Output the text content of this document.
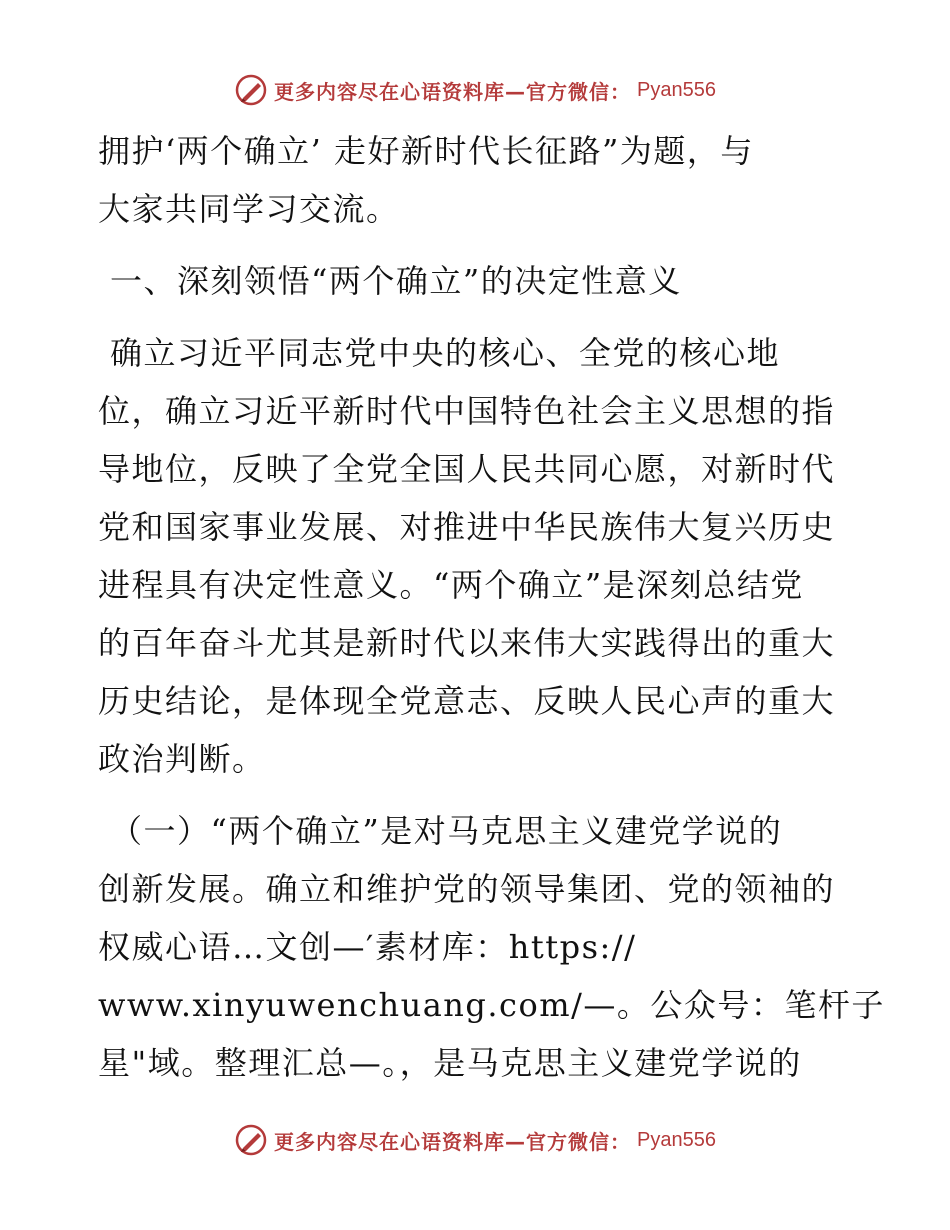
更多内容尽在心语资料库—官方微信： Pyan556
拥护‘两个确立’ 走好新时代长征路”为题，与
大家共同学习交流。
一、深刻领悟“两个确立”的决定性意义
确立习近平同志党中央的核心、全党的核心地
位，确立习近平新时代中国特色社会主义思想的指
导地位，反映了全党全国人民共同心愿，对新时代
党和国家事业发展、对推进中华民族伟大复兴历史
进程具有决定性意义。“两个确立”是深刻总结党
的百年奋斗尤其是新时代以来伟大实践得出的重大
历史结论，是体现全党意志、反映人民心声的重大
政治判断。
（一）“两个确立”是对马克思主义建党学说的
创新发展。确立和维护党的领导集团、党的领袖的
权威心语…文创—′素材库：https://
www.xinyuwenchuang.com/—。公众号：笔杆子
星"域。整理汇总—。，是马克思主义建党学说的
更多内容尽在心语资料库—官方微信： Pyan556
